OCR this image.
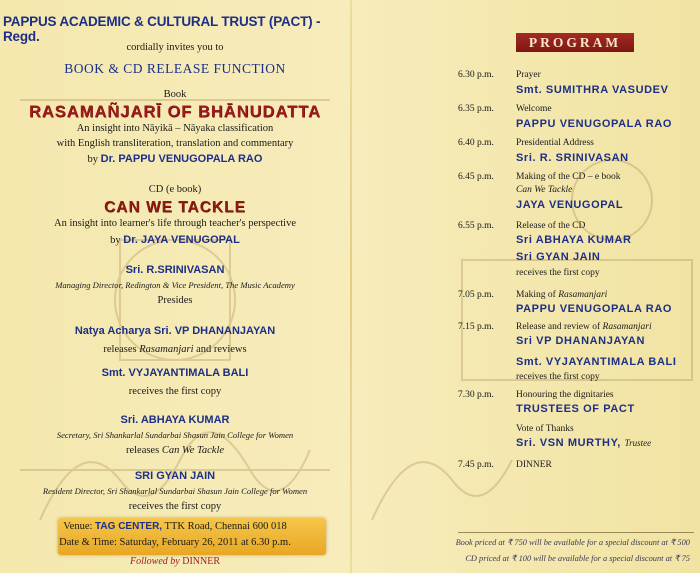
PAPPUS ACADEMIC & CULTURAL TRUST (PACT) - Regd.
cordially invites you to
BOOK & CD RELEASE FUNCTION
Book
RASAMAÑJARĪ OF BHĀNUDATTA
An insight into Nāyikā – Nāyaka classification
with English transliteration, translation and commentary
by Dr. PAPPU VENUGOPALA RAO
CD (e book)
CAN WE TACKLE
An insight into learner's life through teacher's perspective
by Dr. JAYA VENUGOPAL
Sri. R.SRINIVASAN
Managing Director, Redington & Vice President, The Music Academy
Presides
Natya Acharya Sri. VP DHANANJAYAN
releases Rasamanjari and reviews
Smt. VYJAYANTIMALA BALI
receives the first copy
Sri. ABHAYA KUMAR
Secretary, Sri Shankarlal Sundarbai Shasun Jain College for Women
releases Can We Tackle
SRI GYAN JAIN
Resident Director, Sri Shankarlal Sundarbai Shasun Jain College for Women
receives the first copy
Venue: TAG CENTER, TTK Road, Chennai 600 018
Date & Time: Saturday, February 26, 2011 at 6.30 p.m.
Followed by DINNER
PROGRAM
6.30 p.m. Prayer
Smt. SUMITHRA VASUDEV
6.35 p.m. Welcome
PAPPU VENUGOPALA RAO
6.40 p.m. Presidential Address
Sri. R. SRINIVASAN
6.45 p.m. Making of the CD – e book
Can We Tackle
JAYA VENUGOPAL
6.55 p.m. Release of the CD
Sri ABHAYA KUMAR
Sri GYAN JAIN
receives the first copy
7.05 p.m. Making of Rasamanjari
PAPPU VENUGOPALA RAO
7.15 p.m. Release and review of Rasamanjari
Sri VP DHANANJAYAN
Smt. VYJAYANTIMALA BALI
receives the first copy
7.30 p.m. Honouring the dignitaries
TRUSTEES OF PACT
Vote of Thanks
Sri. VSN MURTHY, Trustee
7.45 p.m. DINNER
Book priced at ₹ 750 will be available for a special discount at ₹ 500
CD priced at ₹ 100 will be available for a special discount at ₹ 75
